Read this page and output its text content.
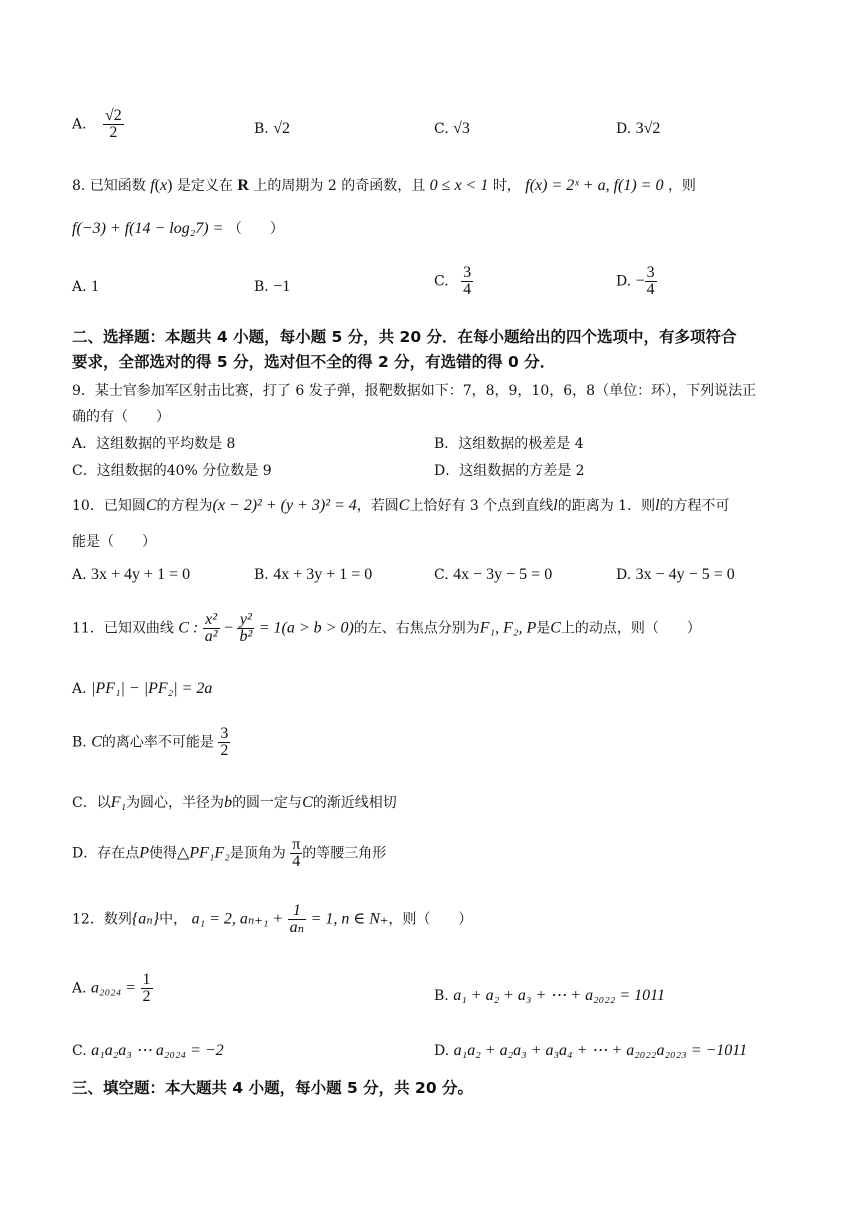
A. $\frac{√2}{2}$	B. √2	C. √3	D. 3√2
8. 已知函数 f(x) 是定义在 R 上的周期为 2 的奇函数，且 0 ≤ x < 1 时， f(x) = 2ˣ + a, f(1) = 0 ，则
f(−3) + f(14 − log₂7) = （　　）
A. 1	B. −1	C. $\frac{3}{4}$	D. − $\frac{3}{4}$
二、选择题：本题共 4 小题，每小题 5 分，共 20 分．在每小题给出的四个选项中，有多项符合
要求，全部选对的得 5 分，选对但不全的得 2 分，有选错的得 0 分．
9．某士官参加军区射击比赛，打了 6 发子弹，报靶数据如下：7，8，9，10，6，8（单位：环），下列说法正
确的有（　　）
A．这组数据的平均数是 8	B．这组数据的极差是 4
C．这组数据的40% 分位数是 9	D．这组数据的方差是 2
10．已知圆C的方程为(x − 2)² + (y + 3)² = 4，若圆C上恰好有 3 个点到直线l的距离为 1．则l的方程不可
能是（　　）
A. 3x + 4y + 1 = 0	B. 4x + 3y + 1 = 0	C. 4x − 3y − 5 = 0	D. 3x − 4y − 5 = 0
11．已知双曲线 C : $\frac{\text{x²}}{\text{a²}} - \frac{\text{y²}}{\text{b²}} = 1(a > b > 0)$的左、右焦点分别为F₁, F₂, P是C上的动点，则（　　）
A. |PF₁| − |PF₂| = 2a
B. C的离心率不可能是 $\frac{3}{2}$
C．以F₁为圆心，半径为b的圆一定与C的渐近线相切
D．存在点P使得△PF₁F₂是顶角为 $\frac{\pi}{4}$ 的等腰三角形
12．数列{aₙ}中， a₁ = 2, $a_{n+1} + \frac{1}{\text{aₙ}} = 1$, n ∈ N₊，则（　　）
A. $a_{2024} = \frac{1}{2}$	B. a₁ + a₂ + a₃ + ⋯ + a₂₀₂₂ = 1011
C. a₁a₂a₃ ⋯ a₂₀₂₄ = −2	D. a₁a₂ + a₂a₃ + a₃a₄ + ⋯ + a₂₀₂₂a₂₀₂₃ = −1011
三、填空题：本大题共 4 小题，每小题 5 分，共 20 分。
